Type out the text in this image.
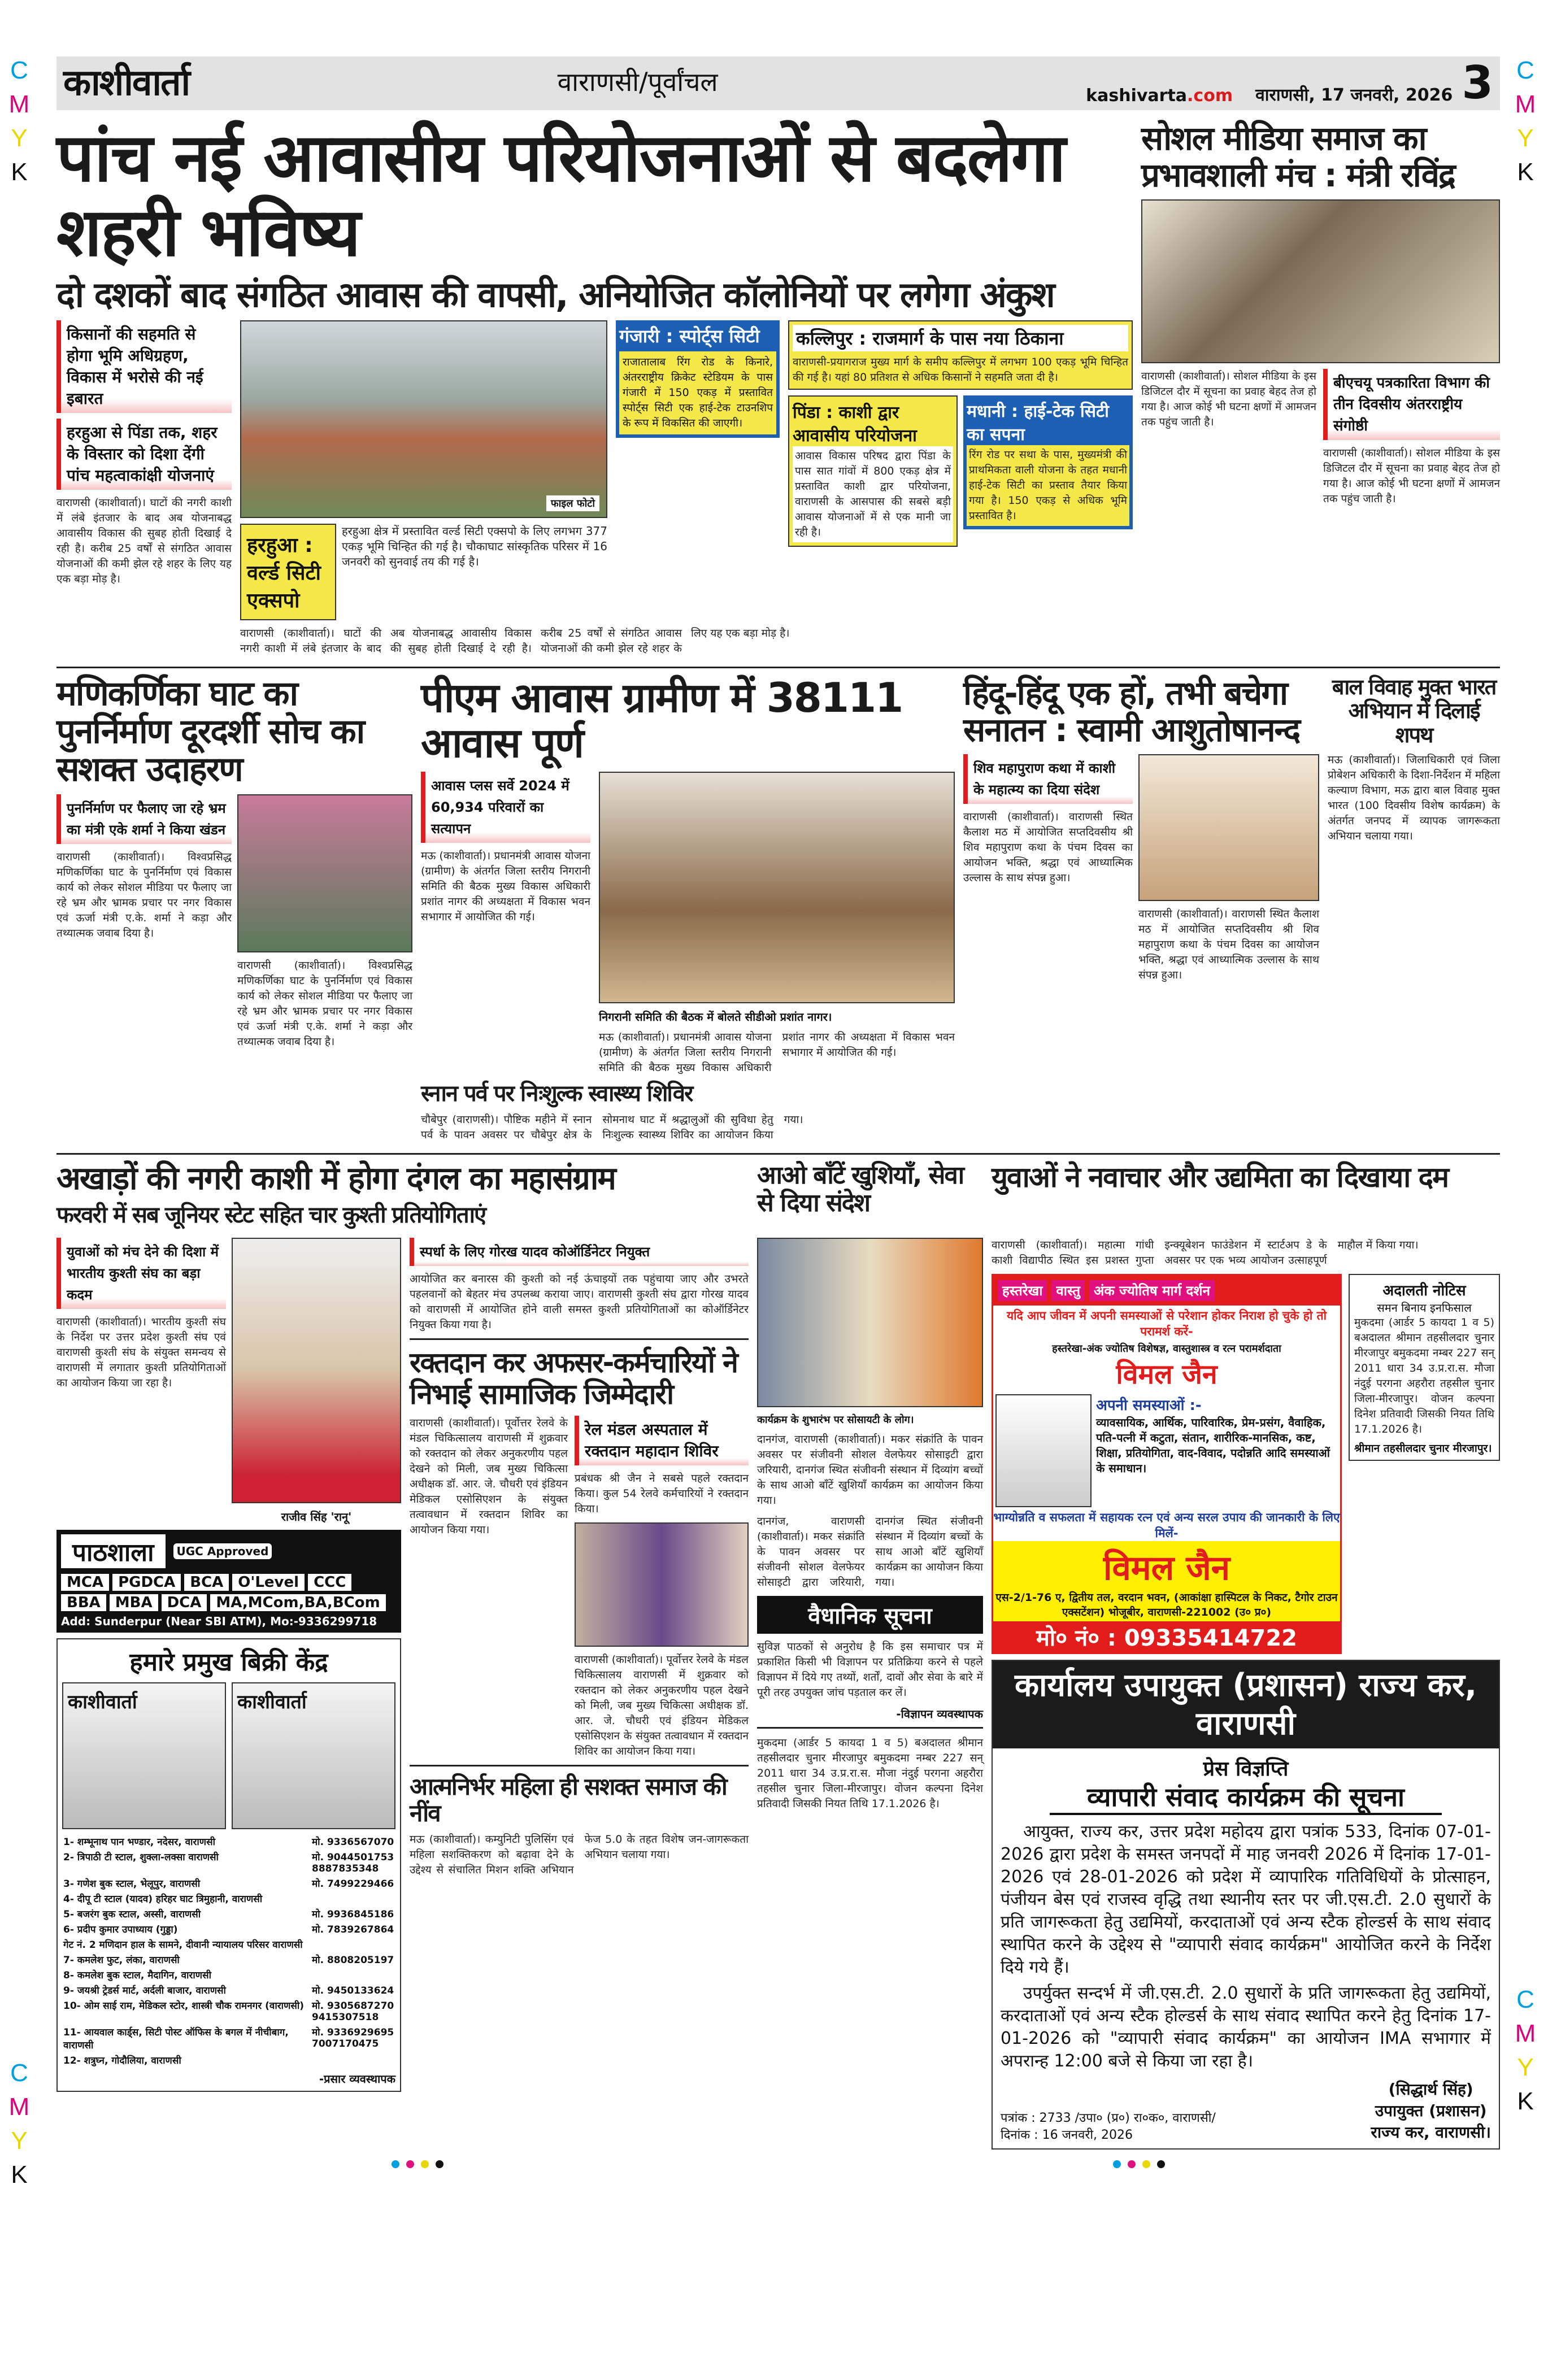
C
M
Y
K
C
M
Y
K
C
M
Y
K
C
M
Y
K
काशीवार्ता	वाराणसी/पूर्वांचल	kashivarta.com वाराणसी, 17 जनवरी, 2026 3
पांच नई आवासीय परियोजनाओं से बदलेगा शहरी भविष्य
दो दशकों बाद संगठित आवास की वापसी, अनियोजित कॉलोनियों पर लगेगा अंकुश
किसानों की सहमति से होगा भूमि अधिग्रहण, विकास में भरोसे की नई इबारत
हरहुआ से पिंडा तक, शहर के विस्तार को दिशा देंगी पांच महत्वाकांक्षी योजनाएं
वाराणसी (काशीवार्ता)। घाटों की नगरी काशी में लंबे इंतजार के बाद अब योजनाबद्ध आवासीय विकास की सुबह होती दिखाई दे रही है। करीब 25 वर्षों से संगठित आवास योजनाओं की कमी झेल रहे शहर के लिए यह एक बड़ा मोड़ है।
फाइल फोटो
हरहुआ : वर्ल्ड सिटी एक्सपो
हरहुआ क्षेत्र में प्रस्तावित वर्ल्ड सिटी एक्सपो के लिए लगभग 377 एकड़ भूमि चिन्हित की गई है। चौकाघाट सांस्कृतिक परिसर में 16 जनवरी को सुनवाई तय की गई है।
गंजारी : स्पोर्ट्स सिटी
राजातालाब रिंग रोड के किनारे, अंतरराष्ट्रीय क्रिकेट स्टेडियम के पास गंजारी में 150 एकड़ में प्रस्तावित स्पोर्ट्स सिटी एक हाई-टेक टाउनशिप के रूप में विकसित की जाएगी।
कल्लिपुर : राजमार्ग के पास नया ठिकाना
वाराणसी-प्रयागराज मुख्य मार्ग के समीप कल्लिपुर में लगभग 100 एकड़ भूमि चिन्हित की गई है। यहां 80 प्रतिशत से अधिक किसानों ने सहमति जता दी है।
पिंडा : काशी द्वार आवासीय परियोजना
आवास विकास परिषद द्वारा पिंडा के पास सात गांवों में 800 एकड़ क्षेत्र में प्रस्तावित काशी द्वार परियोजना, वाराणसी के आसपास की सबसे बड़ी आवास योजनाओं में से एक मानी जा रही है।
मधानी : हाई-टेक सिटी का सपना
रिंग रोड पर सथा के पास, मुख्यमंत्री की प्राथमिकता वाली योजना के तहत मधानी हाई-टेक सिटी का प्रस्ताव तैयार किया गया है। 150 एकड़ से अधिक भूमि प्रस्तावित है।
वाराणसी (काशीवार्ता)। घाटों की नगरी काशी में लंबे इंतजार के बाद अब योजनाबद्ध आवासीय विकास की सुबह होती दिखाई दे रही है। करीब 25 वर्षों से संगठित आवास योजनाओं की कमी झेल रहे शहर के लिए यह एक बड़ा मोड़ है।
सोशल मीडिया समाज का प्रभावशाली मंच : मंत्री रविंद्र
वाराणसी (काशीवार्ता)। सोशल मीडिया के इस डिजिटल दौर में सूचना का प्रवाह बेहद तेज हो गया है। आज कोई भी घटना क्षणों में आमजन तक पहुंच जाती है।
बीएचयू पत्रकारिता विभाग की तीन दिवसीय अंतरराष्ट्रीय संगोष्ठी
वाराणसी (काशीवार्ता)। सोशल मीडिया के इस डिजिटल दौर में सूचना का प्रवाह बेहद तेज हो गया है। आज कोई भी घटना क्षणों में आमजन तक पहुंच जाती है।
मणिकर्णिका घाट का पुनर्निर्माण दूरदर्शी सोच का सशक्त उदाहरण
पुनर्निर्माण पर फैलाए जा रहे भ्रम का मंत्री एके शर्मा ने किया खंडन
वाराणसी (काशीवार्ता)। विश्वप्रसिद्ध मणिकर्णिका घाट के पुनर्निर्माण एवं विकास कार्य को लेकर सोशल मीडिया पर फैलाए जा रहे भ्रम और भ्रामक प्रचार पर नगर विकास एवं ऊर्जा मंत्री ए.के. शर्मा ने कड़ा और तथ्यात्मक जवाब दिया है।
वाराणसी (काशीवार्ता)। विश्वप्रसिद्ध मणिकर्णिका घाट के पुनर्निर्माण एवं विकास कार्य को लेकर सोशल मीडिया पर फैलाए जा रहे भ्रम और भ्रामक प्रचार पर नगर विकास एवं ऊर्जा मंत्री ए.के. शर्मा ने कड़ा और तथ्यात्मक जवाब दिया है।
पीएम आवास ग्रामीण में 38111 आवास पूर्ण
आवास प्लस सर्वे 2024 में 60,934 परिवारों का सत्यापन
मऊ (काशीवार्ता)। प्रधानमंत्री आवास योजना (ग्रामीण) के अंतर्गत जिला स्तरीय निगरानी समिति की बैठक मुख्य विकास अधिकारी प्रशांत नागर की अध्यक्षता में विकास भवन सभागार में आयोजित की गई।
निगरानी समिति की बैठक में बोलते सीडीओ प्रशांत नागर।
मऊ (काशीवार्ता)। प्रधानमंत्री आवास योजना (ग्रामीण) के अंतर्गत जिला स्तरीय निगरानी समिति की बैठक मुख्य विकास अधिकारी प्रशांत नागर की अध्यक्षता में विकास भवन सभागार में आयोजित की गई।
स्नान पर्व पर निःशुल्क स्वास्थ्य शिविर
चौबेपुर (वाराणसी)। पौष्टिक महीने में स्नान पर्व के पावन अवसर पर चौबेपुर क्षेत्र के सोमनाथ घाट में श्रद्धालुओं की सुविधा हेतु निःशुल्क स्वास्थ्य शिविर का आयोजन किया गया।
हिंदू-हिंदू एक हों, तभी बचेगा सनातन : स्वामी आशुतोषानन्द
शिव महापुराण कथा में काशी के महात्म्य का दिया संदेश
वाराणसी (काशीवार्ता)। वाराणसी स्थित कैलाश मठ में आयोजित सप्तदिवसीय श्री शिव महापुराण कथा के पंचम दिवस का आयोजन भक्ति, श्रद्धा एवं आध्यात्मिक उल्लास के साथ संपन्न हुआ।
वाराणसी (काशीवार्ता)। वाराणसी स्थित कैलाश मठ में आयोजित सप्तदिवसीय श्री शिव महापुराण कथा के पंचम दिवस का आयोजन भक्ति, श्रद्धा एवं आध्यात्मिक उल्लास के साथ संपन्न हुआ।
बाल विवाह मुक्त भारत अभियान में दिलाई शपथ
मऊ (काशीवार्ता)। जिलाधिकारी एवं जिला प्रोबेशन अधिकारी के दिशा-निर्देशन में महिला कल्याण विभाग, मऊ द्वारा बाल विवाह मुक्त भारत (100 दिवसीय विशेष कार्यक्रम) के अंतर्गत जनपद में व्यापक जागरूकता अभियान चलाया गया।
अखाड़ों की नगरी काशी में होगा दंगल का महासंग्राम
फरवरी में सब जूनियर स्टेट सहित चार कुश्ती प्रतियोगिताएं
आओ बाँटें खुशियाँ, सेवा से दिया संदेश
युवाओं ने नवाचार और उद्यमिता का दिखाया दम
युवाओं को मंच देने की दिशा में भारतीय कुश्ती संघ का बड़ा कदम
वाराणसी (काशीवार्ता)। भारतीय कुश्ती संघ के निर्देश पर उत्तर प्रदेश कुश्ती संघ एवं वाराणसी कुश्ती संघ के संयुक्त समन्वय से वाराणसी में लगातार कुश्ती प्रतियोगिताओं का आयोजन किया जा रहा है।
राजीव सिंह 'रानू'
पाठशाला	UGC Approved
MCA	PGDCA	BCA	O'Level	CCC
BBA	MBA	DCA	MA,MCom,BA,BCom
Add: Sunderpur (Near SBI ATM), Mo:-9336299718
हमारे प्रमुख बिक्री केंद्र
काशीवार्ता	काशीवार्ता
1- शम्भूनाथ पान भण्डार, नदेसर, वाराणसी	मो. 9336567070
2- त्रिपाठी टी स्टाल, शुक्ला-लक्सा वाराणसी	मो. 9044501753 8887835348
3- गणेश बुक स्टाल, भेलूपुर, वाराणसी	मो. 7499229466
4- दीपू टी स्टाल (यादव) हरिहर घाट त्रिमुहानी, वाराणसी	
5- बजरंग बुक स्टाल, अस्सी, वाराणसी	मो. 9936845186
6- प्रदीप कुमार उपाध्याय (गुड्डा)	मो. 7839267864
गेट नं. 2 मणिदान हाल के सामने, दीवानी न्यायालय परिसर वाराणसी	
7- कमलेश फुट, लंका, वाराणसी	मो. 8808205197
8- कमलेश बुक स्टाल, मैदागिन, वाराणसी	
9- जयश्री ट्रेडर्स मार्ट, अर्दली बाजार, वाराणसी	मो. 9450133624
10- ओम साई राम, मेडिकल स्टोर, शास्त्री चौक रामनगर (वाराणसी)	मो. 9305687270 9415307518
11- आयवाल कार्ड्स, सिटी पोस्ट ऑफिस के बगल में नीचीबाग, वाराणसी	मो. 9336929695 7007170475
12- शत्रुघ्न, गोदौलिया, वाराणसी	
-प्रसार व्यवस्थापक
स्पर्धा के लिए गोरख यादव कोऑर्डिनेटर नियुक्त
आयोजित कर बनारस की कुश्ती को नई ऊंचाइयों तक पहुंचाया जाए और उभरते पहलवानों को बेहतर मंच उपलब्ध कराया जाए। वाराणसी कुश्ती संघ द्वारा गोरख यादव को वाराणसी में आयोजित होने वाली समस्त कुश्ती प्रतियोगिताओं का कोऑर्डिनेटर नियुक्त किया गया है।
रक्तदान कर अफसर-कर्मचारियों ने निभाई सामाजिक जिम्मेदारी
वाराणसी (काशीवार्ता)। पूर्वोत्तर रेलवे के मंडल चिकित्सालय वाराणसी में शुक्रवार को रक्तदान को लेकर अनुकरणीय पहल देखने को मिली, जब मुख्य चिकित्सा अधीक्षक डॉ. आर. जे. चौधरी एवं इंडियन मेडिकल एसोसिएशन के संयुक्त तत्वावधान में रक्तदान शिविर का आयोजन किया गया।
रेल मंडल अस्पताल में रक्तदान महादान शिविर
प्रबंधक श्री जैन ने सबसे पहले रक्तदान किया। कुल 54 रेलवे कर्मचारियों ने रक्तदान किया।
वाराणसी (काशीवार्ता)। पूर्वोत्तर रेलवे के मंडल चिकित्सालय वाराणसी में शुक्रवार को रक्तदान को लेकर अनुकरणीय पहल देखने को मिली, जब मुख्य चिकित्सा अधीक्षक डॉ. आर. जे. चौधरी एवं इंडियन मेडिकल एसोसिएशन के संयुक्त तत्वावधान में रक्तदान शिविर का आयोजन किया गया।
आत्मनिर्भर महिला ही सशक्त समाज की नींव
मऊ (काशीवार्ता)। कम्युनिटी पुलिसिंग एवं महिला सशक्तिकरण को बढ़ावा देने के उद्देश्य से संचालित मिशन शक्ति अभियान फेज 5.0 के तहत विशेष जन-जागरूकता अभियान चलाया गया।
कार्यक्रम के शुभारंभ पर सोसायटी के लोग।
दानगंज, वाराणसी (काशीवार्ता)। मकर संक्रांति के पावन अवसर पर संजीवनी सोशल वेलफेयर सोसाइटी द्वारा जरियारी, दानगंज स्थित संजीवनी संस्थान में दिव्यांग बच्चों के साथ आओ बाँटें खुशियाँ कार्यक्रम का आयोजन किया गया।
दानगंज, वाराणसी (काशीवार्ता)। मकर संक्रांति के पावन अवसर पर संजीवनी सोशल वेलफेयर सोसाइटी द्वारा जरियारी, दानगंज स्थित संजीवनी संस्थान में दिव्यांग बच्चों के साथ आओ बाँटें खुशियाँ कार्यक्रम का आयोजन किया गया।
वैधानिक सूचना
सुविज्ञ पाठकों से अनुरोध है कि इस समाचार पत्र में प्रकाशित किसी भी विज्ञापन पर प्रतिक्रिया करने से पहले विज्ञापन में दिये गए तथ्यों, शर्तों, दावों और सेवा के बारे में पूरी तरह उपयुक्त जांच पड़ताल कर लें।
-विज्ञापन व्यवस्थापक
मुकदमा (आर्डर 5 कायदा 1 व 5) बअदालत श्रीमान तहसीलदार चुनार मीरजापुर बमुकदमा नम्बर 227 सन् 2011 धारा 34 उ.प्र.रा.स. मौजा नंदुई परगना अहरौरा तहसील चुनार जिला-मीरजापुर। वोजन कल्पना दिनेश प्रतिवादी जिसकी नियत तिथि 17.1.2026 है।
वाराणसी (काशीवार्ता)। महात्मा गांधी काशी विद्यापीठ स्थित इस प्रशस्त गुप्ता इन्क्यूबेशन फाउंडेशन में स्टार्टअप डे के अवसर पर एक भव्य आयोजन उत्साहपूर्ण माहौल में किया गया।
हस्तरेखा	वास्तु	अंक ज्योतिष मार्ग दर्शन
यदि आप जीवन में अपनी समस्याओं से परेशान होकर निराश हो चुके हो तो परामर्श करें-
हस्तरेखा-अंक ज्योतिष विशेषज्ञ, वास्तुशास्त्र व रत्न परामर्शदाता
विमल जैन
अपनी समस्याओं :-
व्यावसायिक, आर्थिक, पारिवारिक, प्रेम-प्रसंग, वैवाहिक, पति-पत्नी में कटुता, संतान, शारीरिक-मानसिक, कष्ट, शिक्षा, प्रतियोगिता, वाद-विवाद, पदोन्नति आदि समस्याओं के समाधान।
भाग्योन्नति व सफलता में सहायक रत्न एवं अन्य सरल उपाय की जानकारी के लिए मिलें-
विमल जैन
एस-2/1-76 ए, द्वितीय तल, वरदान भवन, (आकांक्षा हास्पिटल के निकट, टैगोर टाउन एक्सटेंशन) भोजूबीर, वाराणसी-221002 (उ० प्र०)
मो० नं० : 09335414722
अदालती नोटिस
समन बिनाय इनफिसाल
मुकदमा (आर्डर 5 कायदा 1 व 5) बअदालत श्रीमान तहसीलदार चुनार मीरजापुर बमुकदमा नम्बर 227 सन् 2011 धारा 34 उ.प्र.रा.स. मौजा नंदुई परगना अहरौरा तहसील चुनार जिला-मीरजापुर। वोजन कल्पना दिनेश प्रतिवादी जिसकी नियत तिथि 17.1.2026 है।
श्रीमान तहसीलदार चुनार मीरजापुर।
कार्यालय उपायुक्त (प्रशासन) राज्य कर, वाराणसी
प्रेस विज्ञप्ति
व्यापारी संवाद कार्यक्रम की सूचना

आयुक्त, राज्य कर, उत्तर प्रदेश महोदय द्वारा पत्रांक 533, दिनांक 07-01-2026 द्वारा प्रदेश के समस्त जनपदों में माह जनवरी 2026 में दिनांक 17-01-2026 एवं 28-01-2026 को प्रदेश में व्यापारिक गतिविधियों के प्रोत्साहन, पंजीयन बेस एवं राजस्व वृद्धि तथा स्थानीय स्तर पर जी.एस.टी. 2.0 सुधारों के प्रति जागरूकता हेतु उद्यमियों, करदाताओं एवं अन्य स्टैक होल्डर्स के साथ संवाद स्थापित करने के उद्देश्य से "व्यापारी संवाद कार्यक्रम" आयोजित करने के निर्देश दिये गये हैं।

उपर्युक्त सन्दर्भ में जी.एस.टी. 2.0 सुधारों के प्रति जागरूकता हेतु उद्यमियों, करदाताओं एवं अन्य स्टैक होल्डर्स के साथ संवाद स्थापित करने हेतु दिनांक 17-01-2026 को "व्यापारी संवाद कार्यक्रम" का आयोजन IMA सभागार में अपरान्ह 12:00 बजे से किया जा रहा है।

पत्रांक : 2733 /उपा० (प्र०) रा०क०, वाराणसी/
दिनांक : 16 जनवरी, 2026
(सिद्धार्थ सिंह)
उपायुक्त (प्रशासन)
राज्य कर, वाराणसी।
